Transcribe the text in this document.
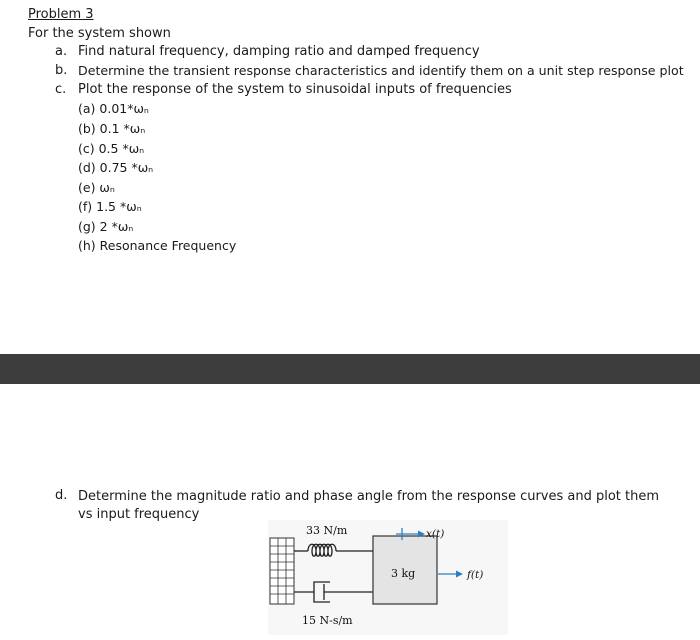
Problem 3
For the system shown
a. Find natural frequency, damping ratio and damped frequency
b. Determine the transient response characteristics and identify them on a unit step response plot
c. Plot the response of the system to sinusoidal inputs of frequencies
(a) 0.01*ωₙ
(b) 0.1 *ωₙ
(c) 0.5 *ωₙ
(d) 0.75 *ωₙ
(e) ωₙ
(f) 1.5 *ωₙ
(g) 2 *ωₙ
(h) Resonance Frequency
d. Determine the magnitude ratio and phase angle from the response curves and plot them vs input frequency
33 N/m
15 N-s/m
3 kg
x(t)
f(t)
